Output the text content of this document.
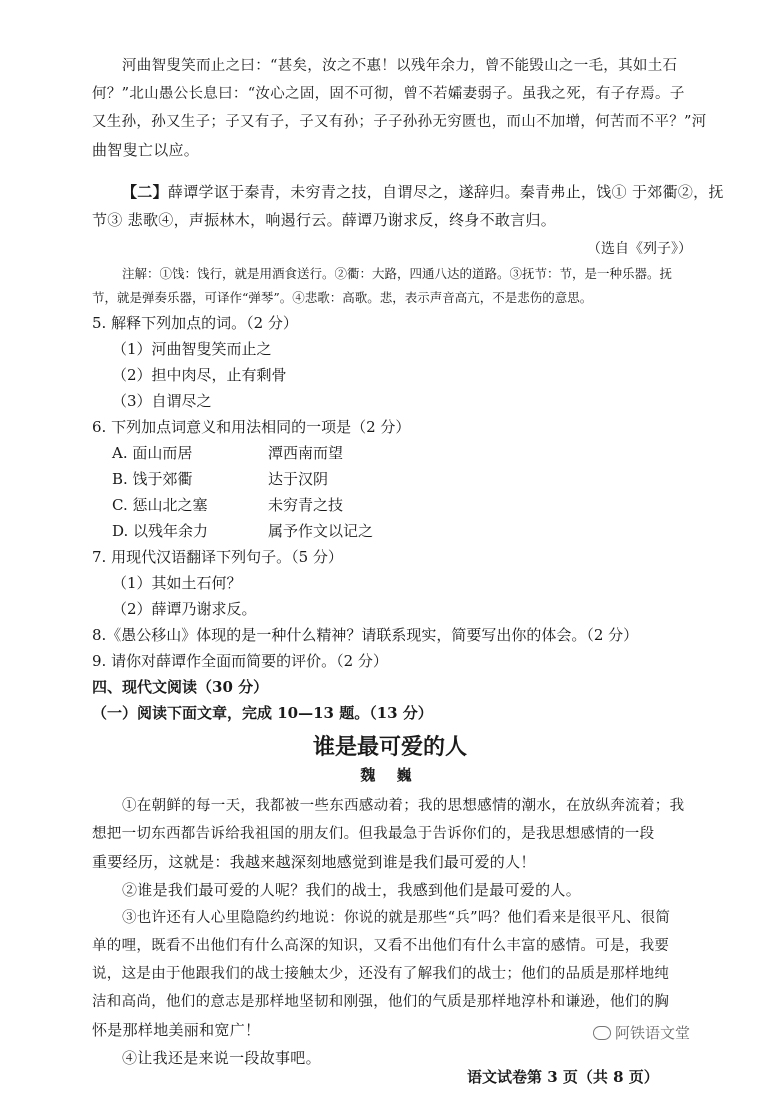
河曲智叟笑而止之曰：“甚矣，汝之不惠！以残年余力，曾不能毁山之一毛，其如土石
何？”北山愚公长息曰：“汝心之固，固不可彻，曾不若孀妻弱子。虽我之死，有子存焉。子
又生孙，孙又生子；子又有子，子又有孙；子子孙孙无穷匮也，而山不加增，何苦而不平？”河
曲智叟亡以应。
【二】薛谭学讴于秦青，未穷青之技，自谓尽之，遂辞归。秦青弗止，饯① 于郊衢②，抚
节③ 悲歌④，声振林木，响遏行云。薛谭乃谢求反，终身不敢言归。
（选自《列子》）
注解：①饯：饯行，就是用酒食送行。②衢：大路，四通八达的道路。③抚节：节，是一种乐器。抚
节，就是弹奏乐器，可译作“弹琴”。④悲歌：高歌。悲，表示声音高亢，不是悲伤的意思。
5. 解释下列加点的词。（2 分）
（1）河曲智叟笑而止之
（2）担中肉尽，止有剩骨
（3）自谓尽之
6. 下列加点词意义和用法相同的一项是（2 分）
A. 面山而居	潭西南而望
B. 饯于郊衢	达于汉阴
C. 惩山北之塞	未穷青之技
D. 以残年余力	属予作文以记之
7. 用现代汉语翻译下列句子。（5 分）
（1）其如土石何？
（2）薛谭乃谢求反。
8.《愚公移山》体现的是一种什么精神？请联系现实，简要写出你的体会。（2 分）
9. 请你对薛谭作全面而简要的评价。（2 分）
四、现代文阅读（30 分）
（一）阅读下面文章，完成 10—13 题。（13 分）
谁是最可爱的人
魏 巍
①在朝鲜的每一天，我都被一些东西感动着；我的思想感情的潮水，在放纵奔流着；我
想把一切东西都告诉给我祖国的朋友们。但我最急于告诉你们的，是我思想感情的一段
重要经历，这就是：我越来越深刻地感觉到谁是我们最可爱的人！
②谁是我们最可爱的人呢？我们的战士，我感到他们是最可爱的人。
③也许还有人心里隐隐约约地说：你说的就是那些“兵”吗？他们看来是很平凡、很简
单的哩，既看不出他们有什么高深的知识，又看不出他们有什么丰富的感情。可是，我要
说，这是由于他跟我们的战士接触太少，还没有了解我们的战士；他们的品质是那样地纯
洁和高尚，他们的意志是那样地坚韧和刚强，他们的气质是那样地淳朴和谦逊，他们的胸
怀是那样地美丽和宽广！
④让我还是来说一段故事吧。
阿铁语文堂
语文试卷第 3 页（共 8 页）
